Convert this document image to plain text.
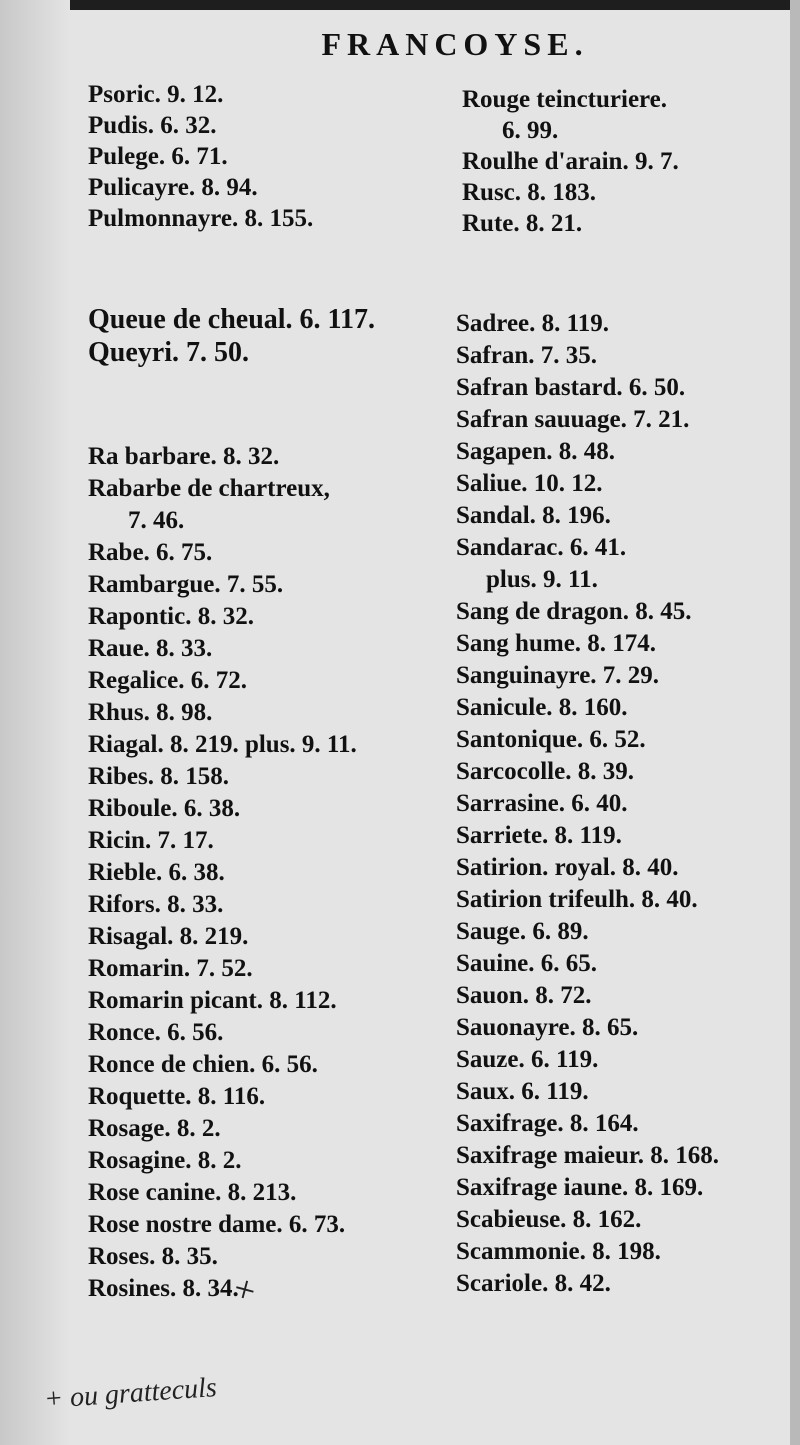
FRANCOYSE.
Psoric. 9. 12.
Pudis. 6. 32.
Pulege. 6. 71.
Pulicayre. 8. 94.
Pulmonnayre. 8. 155.
Queue de cheual. 6. 117.
Queyri. 7. 50.
Ra barbare. 8. 32.
Rabarbe de chartreux,
7. 46.
Rabe. 6. 75.
Rambargue. 7. 55.
Rapontic. 8. 32.
Raue. 8. 33.
Regalice. 6. 72.
Rhus. 8. 98.
Riagal. 8. 219. plus. 9. 11.
Ribes. 8. 158.
Riboule. 6. 38.
Ricin. 7. 17.
Rieble. 6. 38.
Rifors. 8. 33.
Risagal. 8. 219.
Romarin. 7. 52.
Romarin picant. 8. 112.
Ronce. 6. 56.
Ronce de chien. 6. 56.
Roquette. 8. 116.
Rosage. 8. 2.
Rosagine. 8. 2.
Rose canine. 8. 213.
Rose nostre dame. 6. 73.
Roses. 8. 35.
Rosines. 8. 34.
Rouge teincturiere.
6. 99.
Roulhe d'arain. 9. 7.
Rusc. 8. 183.
Rute. 8. 21.
Sadree. 8. 119.
Safran. 7. 35.
Safran bastard. 6. 50.
Safran sauuage. 7. 21.
Sagapen. 8. 48.
Saliue. 10. 12.
Sandal. 8. 196.
Sandarac. 6. 41.
plus. 9. 11.
Sang de dragon. 8. 45.
Sang hume. 8. 174.
Sanguinayre. 7. 29.
Sanicule. 8. 160.
Santonique. 6. 52.
Sarcocolle. 8. 39.
Sarrasine. 6. 40.
Sarriete. 8. 119.
Satirion. royal. 8. 40.
Satirion trifeulh. 8. 40.
Sauge. 6. 89.
Sauine. 6. 65.
Sauon. 8. 72.
Sauonayre. 8. 65.
Sauze. 6. 119.
Saux. 6. 119.
Saxifrage. 8. 164.
Saxifrage maieur. 8. 168.
Saxifrage iaune. 8. 169.
Scabieuse. 8. 162.
Scammonie. 8. 198.
Scariole. 8. 42.
+
+ ou gratteculs
